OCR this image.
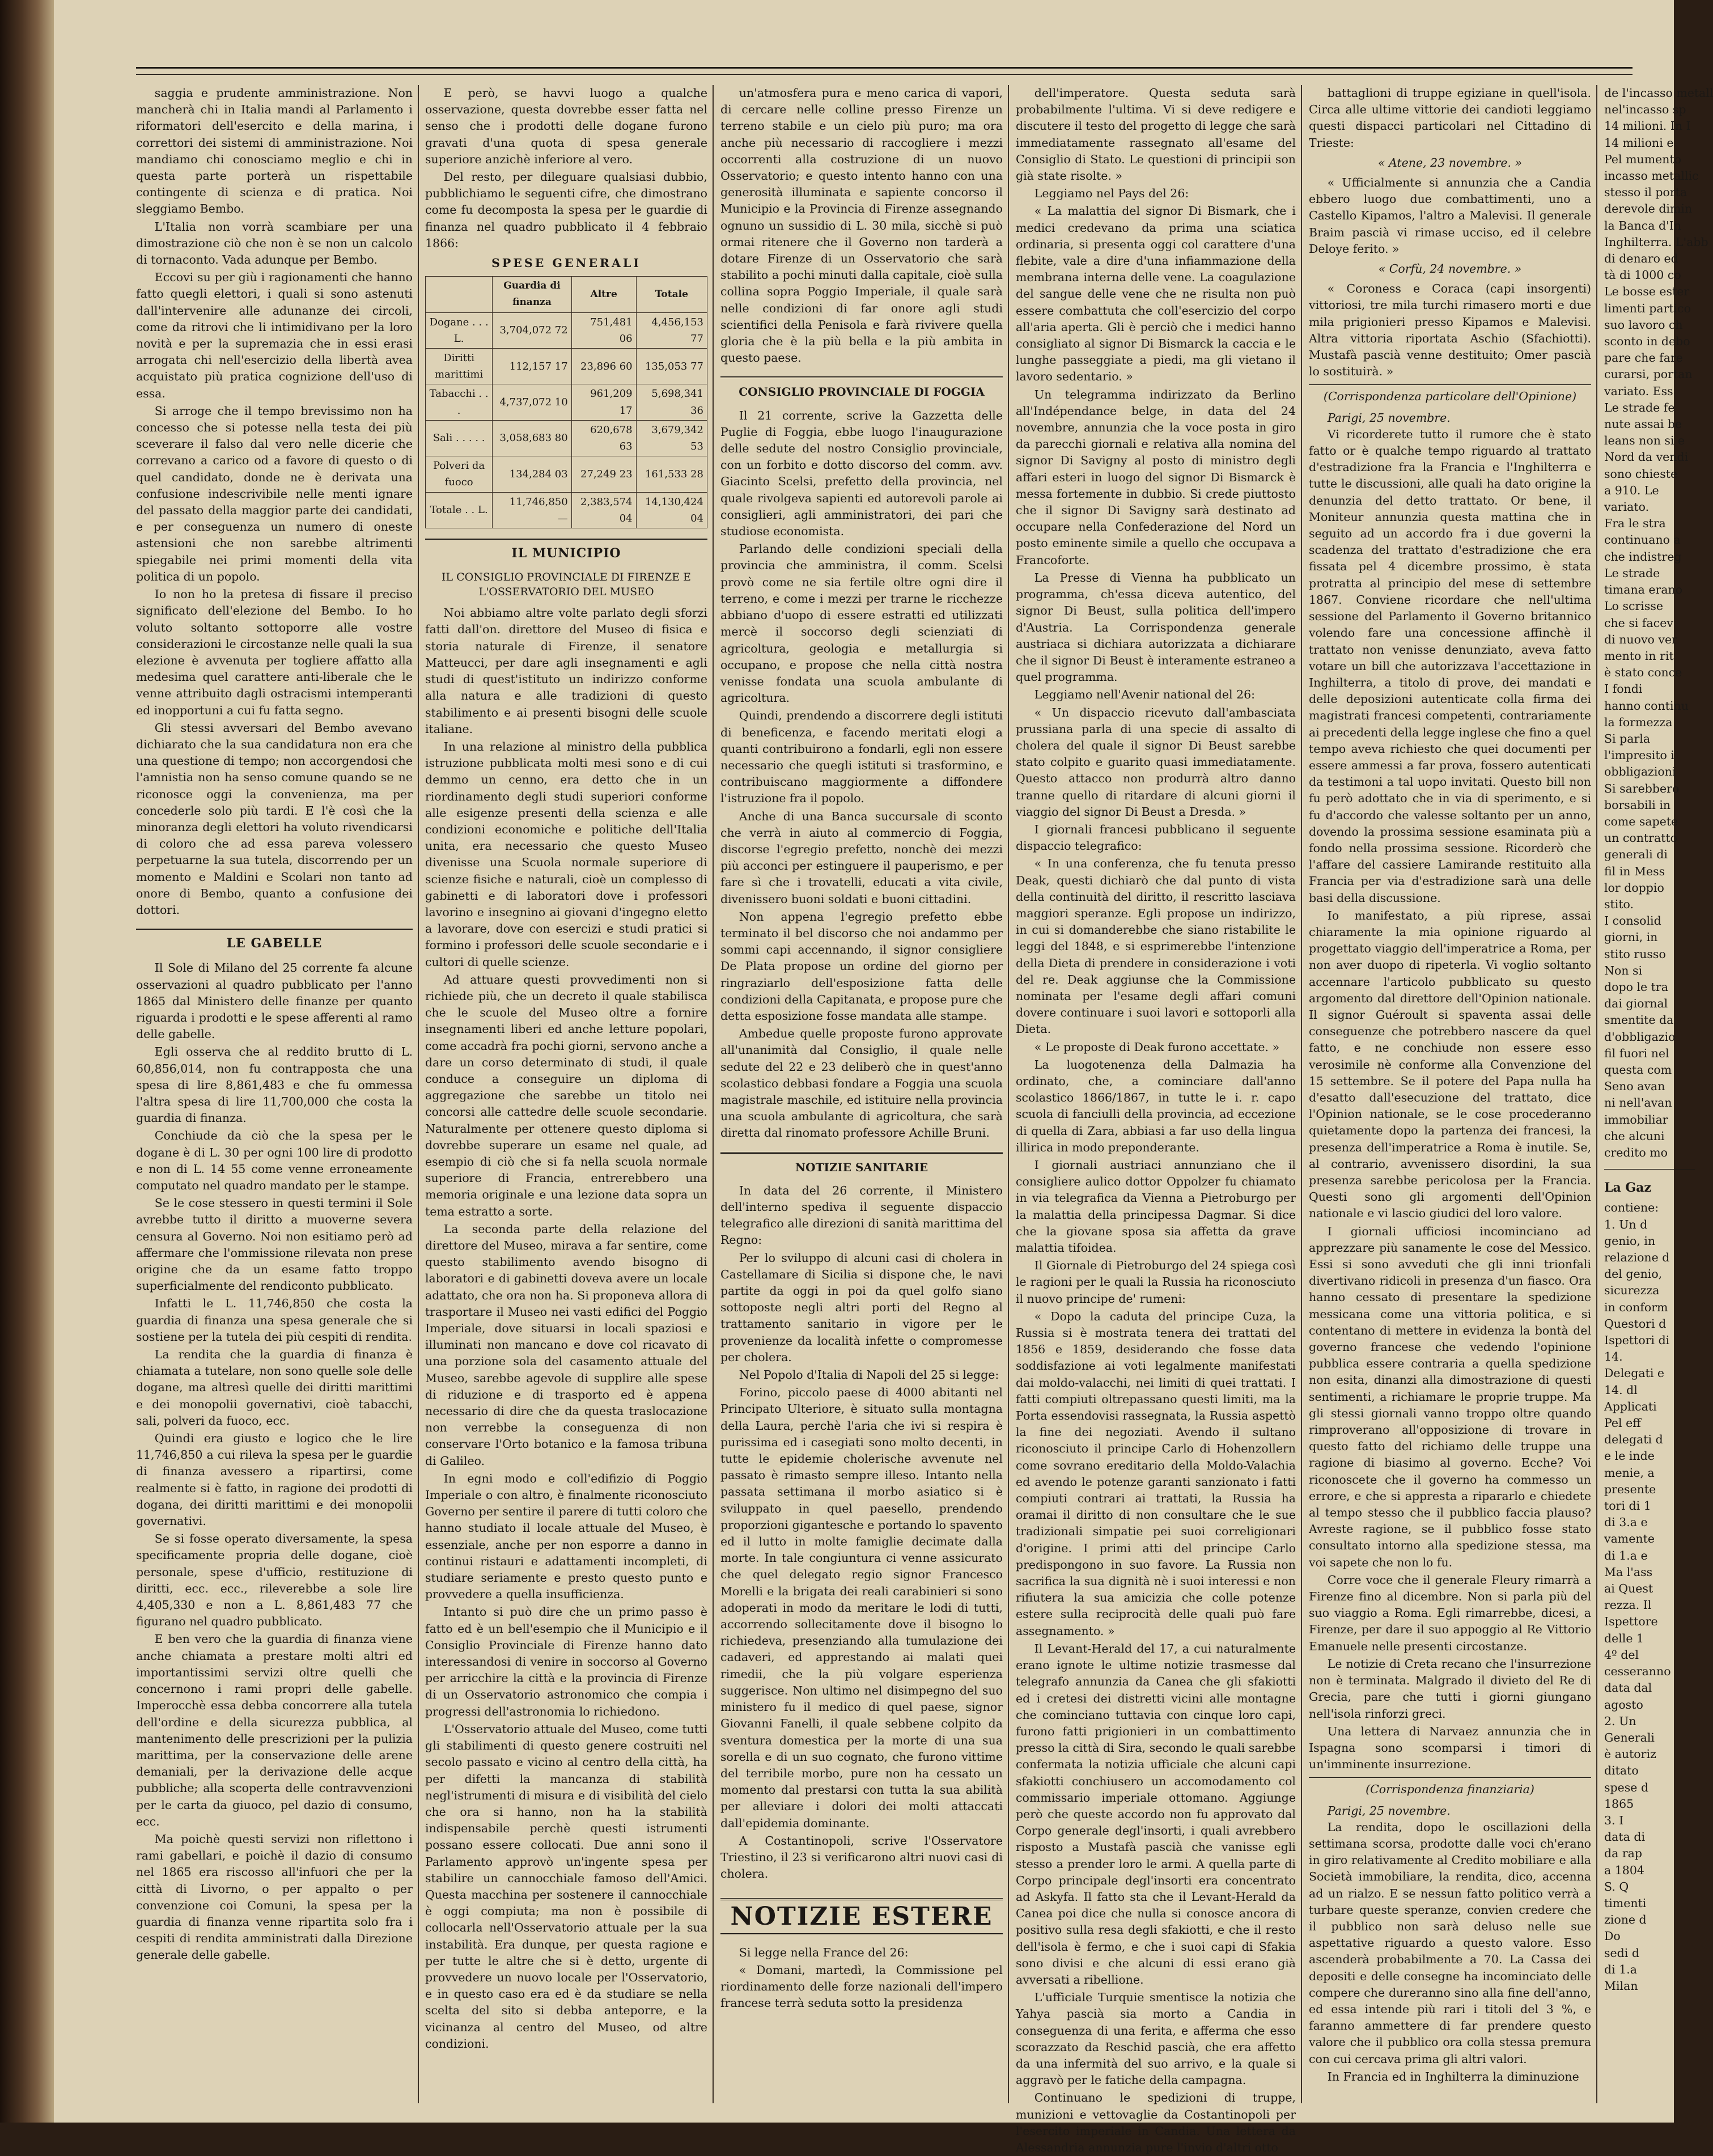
saggia e prudente amministrazione. Non mancherà chi in Italia mandi al Parlamento i riformatori dell'esercito e della marina, i correttori dei sistemi di amministrazione. Noi mandiamo chi conosciamo meglio e chi in questa parte porterà un rispettabile contingente di scienza e di pratica. Noi sleggiamo Bembo.

L'Italia non vorrà scambiare per una dimostrazione ciò che non è se non un calcolo di tornaconto. Vada adunque per Bembo.

Eccovi su per giù i ragionamenti che hanno fatto quegli elettori, i quali si sono astenuti dall'intervenire alle adunanze dei circoli, come da ritrovi che li intimidivano per la loro novità e per la supremazia che in essi erasi arrogata chi nell'esercizio della libertà avea acquistato più pratica cognizione dell'uso di essa.

Si arroge che il tempo brevissimo non ha concesso che si potesse nella testa dei più sceverare il falso dal vero nelle dicerie che correvano a carico od a favore di questo o di quel candidato, donde ne è derivata una confusione indescrivibile nelle menti ignare del passato della maggior parte dei candidati, e per conseguenza un numero di oneste astensioni che non sarebbe altrimenti spiegabile nei primi momenti della vita politica di un popolo.

Io non ho la pretesa di fissare il preciso significato dell'elezione del Bembo. Io ho voluto soltanto sottoporre alle vostre considerazioni le circostanze nelle quali la sua elezione è avvenuta per togliere affatto alla medesima quel carattere anti-liberale che le venne attribuito dagli ostracismi intemperanti ed inopportuni a cui fu fatta segno.

Gli stessi avversari del Bembo avevano dichiarato che la sua candidatura non era che una questione di tempo; non accorgendosi che l'amnistia non ha senso comune quando se ne riconosce oggi la convenienza, ma per concederle solo più tardi. E l'è così che la minoranza degli elettori ha voluto rivendicarsi di coloro che ad essa pareva volessero perpetuarne la sua tutela, discorrendo per un momento e Maldini e Scolari non tanto ad onore di Bembo, quanto a confusione dei dottori.

LE GABELLE

Il Sole di Milano del 25 corrente fa alcune osservazioni al quadro pubblicato per l'anno 1865 dal Ministero delle finanze per quanto riguarda i prodotti e le spese afferenti al ramo delle gabelle.

Egli osserva che al reddito brutto di L. 60,856,014, non fu contrapposta che una spesa di lire 8,861,483 e che fu ommessa l'altra spesa di lire 11,700,000 che costa la guardia di finanza.

Conchiude da ciò che la spesa per le dogane è di L. 30 per ogni 100 lire di prodotto e non di L. 14 55 come venne erroneamente computato nel quadro mandato per le stampe.

Se le cose stessero in questi termini il Sole avrebbe tutto il diritto a muoverne severa censura al Governo. Noi non esitiamo però ad affermare che l'ommissione rilevata non prese origine che da un esame fatto troppo superficialmente del rendiconto pubblicato.

Infatti le L. 11,746,850 che costa la guardia di finanza una spesa generale che si sostiene per la tutela dei più cespiti di rendita.

La rendita che la guardia di finanza è chiamata a tutelare, non sono quelle sole delle dogane, ma altresì quelle dei diritti marittimi e dei monopolii governativi, cioè tabacchi, sali, polveri da fuoco, ecc.

Quindi era giusto e logico che le lire 11,746,850 a cui rileva la spesa per le guardie di finanza avessero a ripartirsi, come realmente si è fatto, in ragione dei prodotti di dogana, dei diritti marittimi e dei monopolii governativi.

Se si fosse operato diversamente, la spesa specificamente propria delle dogane, cioè personale, spese d'ufficio, restituzione di diritti, ecc. ecc., rileverebbe a sole lire 4,405,330 e non a L. 8,861,483 77 che figurano nel quadro pubblicato.

E ben vero che la guardia di finanza viene anche chiamata a prestare molti altri ed importantissimi servizi oltre quelli che concernono i rami propri delle gabelle. Imperocchè essa debba concorrere alla tutela dell'ordine e della sicurezza pubblica, al mantenimento delle prescrizioni per la pulizia marittima, per la conservazione delle arene demaniali, per la derivazione delle acque pubbliche; alla scoperta delle contravvenzioni per le carta da giuoco, pel dazio di consumo, ecc.

Ma poichè questi servizi non riflettono i rami gabellari, e poichè il dazio di consumo nel 1865 era riscosso all'infuori che per la città di Livorno, o per appalto o per convenzione coi Comuni, la spesa per la guardia di finanza venne ripartita solo fra i cespiti di rendita amministrati dalla Direzione generale delle gabelle.

E però, se havvi luogo a qualche osservazione, questa dovrebbe esser fatta nel senso che i prodotti delle dogane furono gravati d'una quota di spesa generale superiore anzichè inferiore al vero.

Del resto, per dileguare qualsiasi dubbio, pubblichiamo le seguenti cifre, che dimostrano come fu decomposta la spesa per le guardie di finanza nel quadro pubblicato il 4 febbraio 1866:

SPESE GENERALI
	Guardia di finanza	Altre	Totale
Dogane . . . L.	3,704,072 72	751,481 06	4,456,153 77
Diritti marittimi	112,157 17	23,896 60	135,053 77
Tabacchi . . .	4,737,072 10	961,209 17	5,698,341 36
Sali . . . . .	3,058,683 80	620,678 63	3,679,342 53
Polveri da fuoco	134,284 03	27,249 23	161,533 28
Totale . . L.	11,746,850 —	2,383,574 04	14,130,424 04
IL MUNICIPIO
IL CONSIGLIO PROVINCIALE DI FIRENZE E L'OSSERVATORIO DEL MUSEO

Noi abbiamo altre volte parlato degli sforzi fatti dall'on. direttore del Museo di fisica e storia naturale di Firenze, il senatore Matteucci, per dare agli insegnamenti e agli studi di quest'istituto un indirizzo conforme alla natura e alle tradizioni di questo stabilimento e ai presenti bisogni delle scuole italiane.

In una relazione al ministro della pubblica istruzione pubblicata molti mesi sono e di cui demmo un cenno, era detto che in un riordinamento degli studi superiori conforme alle esigenze presenti della scienza e alle condizioni economiche e politiche dell'Italia unita, era necessario che questo Museo divenisse una Scuola normale superiore di scienze fisiche e naturali, cioè un complesso di gabinetti e di laboratori dove i professori lavorino e insegnino ai giovani d'ingegno eletto a lavorare, dove con esercizi e studi pratici si formino i professori delle scuole secondarie e i cultori di quelle scienze.

Ad attuare questi provvedimenti non si richiede più, che un decreto il quale stabilisca che le scuole del Museo oltre a fornire insegnamenti liberi ed anche letture popolari, come accadrà fra pochi giorni, servono anche a dare un corso determinato di studi, il quale conduce a conseguire un diploma di aggregazione che sarebbe un titolo nei concorsi alle cattedre delle scuole secondarie. Naturalmente per ottenere questo diploma si dovrebbe superare un esame nel quale, ad esempio di ciò che si fa nella scuola normale superiore di Francia, entrerebbero una memoria originale e una lezione data sopra un tema estratto a sorte.

La seconda parte della relazione del direttore del Museo, mirava a far sentire, come questo stabilimento avendo bisogno di laboratori e di gabinetti doveva avere un locale adattato, che ora non ha. Si proponeva allora di trasportare il Museo nei vasti edifici del Poggio Imperiale, dove situarsi in locali spaziosi e illuminati non mancano e dove col ricavato di una porzione sola del casamento attuale del Museo, sarebbe agevole di supplire alle spese di riduzione e di trasporto ed è appena necessario di dire che da questa traslocazione non verrebbe la conseguenza di non conservare l'Orto botanico e la famosa tribuna di Galileo.

In egni modo e coll'edifizio di Poggio Imperiale o con altro, è finalmente riconosciuto Governo per sentire il parere di tutti coloro che hanno studiato il locale attuale del Museo, è essenziale, anche per non esporre a danno in continui ristauri e adattamenti incompleti, di studiare seriamente e presto questo punto e provvedere a quella insufficienza.

Intanto si può dire che un primo passo è fatto ed è un bell'esempio che il Municipio e il Consiglio Provinciale di Firenze hanno dato interessandosi di venire in soccorso al Governo per arricchire la città e la provincia di Firenze di un Osservatorio astronomico che compia i progressi dell'astronomia lo richiedono.

L'Osservatorio attuale del Museo, come tutti gli stabilimenti di questo genere costruiti nel secolo passato e vicino al centro della città, ha per difetti la mancanza di stabilità negl'istrumenti di misura e di visibilità del cielo che ora si hanno, non ha la stabilità indispensabile perchè questi istrumenti possano essere collocati. Due anni sono il Parlamento approvò un'ingente spesa per stabilire un cannocchiale famoso dell'Amici. Questa macchina per sostenere il cannocchiale è oggi compiuta; ma non è possibile di collocarla nell'Osservatorio attuale per la sua instabilità. Era dunque, per questa ragione e per tutte le altre che si è detto, urgente di provvedere un nuovo locale per l'Osservatorio, e in questo caso era ed è da studiare se nella scelta del sito si debba anteporre, e la vicinanza al centro del Museo, od altre condizioni.

un'atmosfera pura e meno carica di vapori, di cercare nelle colline presso Firenze un terreno stabile e un cielo più puro; ma ora anche più necessario di raccogliere i mezzi occorrenti alla costruzione di un nuovo Osservatorio; e questo intento hanno con una generosità illuminata e sapiente concorso il Municipio e la Provincia di Firenze assegnando ognuno un sussidio di L. 30 mila, sicchè si può ormai ritenere che il Governo non tarderà a dotare Firenze di un Osservatorio che sarà stabilito a pochi minuti dalla capitale, cioè sulla collina sopra Poggio Imperiale, il quale sarà nelle condizioni di far onore agli studi scientifici della Penisola e farà rivivere quella gloria che è la più bella e la più ambita in questo paese.

CONSIGLIO PROVINCIALE DI FOGGIA

Il 21 corrente, scrive la Gazzetta delle Puglie di Foggia, ebbe luogo l'inaugurazione delle sedute del nostro Consiglio provinciale, con un forbito e dotto discorso del comm. avv. Giacinto Scelsi, prefetto della provincia, nel quale rivolgeva sapienti ed autorevoli parole ai consiglieri, agli amministratori, dei pari che studiose economista.

Parlando delle condizioni speciali della provincia che amministra, il comm. Scelsi provò come ne sia fertile oltre ogni dire il terreno, e come i mezzi per trarne le ricchezze abbiano d'uopo di essere estratti ed utilizzati mercè il soccorso degli scienziati di agricoltura, geologia e metallurgia si occupano, e propose che nella città nostra venisse fondata una scuola ambulante di agricoltura.

Quindi, prendendo a discorrere degli istituti di beneficenza, e facendo meritati elogi a quanti contribuirono a fondarli, egli non essere necessario che quegli istituti si trasformino, e contribuiscano maggiormente a diffondere l'istruzione fra il popolo.

Anche di una Banca succursale di sconto che verrà in aiuto al commercio di Foggia, discorse l'egregio prefetto, nonchè dei mezzi più acconci per estinguere il pauperismo, e per fare sì che i trovatelli, educati a vita civile, divenissero buoni soldati e buoni cittadini.

Non appena l'egregio prefetto ebbe terminato il bel discorso che noi andammo per sommi capi accennando, il signor consigliere De Plata propose un ordine del giorno per ringraziarlo dell'esposizione fatta delle condizioni della Capitanata, e propose pure che detta esposizione fosse mandata alle stampe.

Ambedue quelle proposte furono approvate all'unanimità dal Consiglio, il quale nelle sedute del 22 e 23 deliberò che in quest'anno scolastico debbasi fondare a Foggia una scuola magistrale maschile, ed istituire nella provincia una scuola ambulante di agricoltura, che sarà diretta dal rinomato professore Achille Bruni.

NOTIZIE SANITARIE

In data del 26 corrente, il Ministero dell'interno spediva il seguente dispaccio telegrafico alle direzioni di sanità marittima del Regno:

Per lo sviluppo di alcuni casi di cholera in Castellamare di Sicilia si dispone che, le navi partite da oggi in poi da quel golfo siano sottoposte negli altri porti del Regno al trattamento sanitario in vigore per le provenienze da località infette o compromesse per cholera.

Nel Popolo d'Italia di Napoli del 25 si legge:

Forino, piccolo paese di 4000 abitanti nel Principato Ulteriore, è situato sulla montagna della Laura, perchè l'aria che ivi si respira è purissima ed i casegiati sono molto decenti, in tutte le epidemie cholerische avvenute nel passato è rimasto sempre illeso. Intanto nella passata settimana il morbo asiatico si è sviluppato in quel paesello, prendendo proporzioni gigantesche e portando lo spavento ed il lutto in molte famiglie decimate dalla morte. In tale congiuntura ci venne assicurato che quel delegato regio signor Francesco Morelli e la brigata dei reali carabinieri si sono adoperati in modo da meritare le lodi di tutti, accorrendo sollecitamente dove il bisogno lo richiedeva, presenziando alla tumulazione dei cadaveri, ed apprestando ai malati quei rimedii, che la più volgare esperienza suggerisce. Non ultimo nel disimpegno del suo ministero fu il medico di quel paese, signor Giovanni Fanelli, il quale sebbene colpito da sventura domestica per la morte di una sua sorella e di un suo cognato, che furono vittime del terribile morbo, pure non ha cessato un momento dal prestarsi con tutta la sua abilità per alleviare i dolori dei molti attaccati dall'epidemia dominante.

A Costantinopoli, scrive l'Osservatore Triestino, il 23 si verificarono altri nuovi casi di cholera.

NOTIZIE ESTERE

Si legge nella France del 26:

« Domani, martedì, la Commissione pel riordinamento delle forze nazionali dell'impero francese terrà seduta sotto la presidenza

dell'imperatore. Questa seduta sarà probabilmente l'ultima. Vi si deve redigere e discutere il testo del progetto di legge che sarà immediatamente rassegnato all'esame del Consiglio di Stato. Le questioni di principii son già state risolte. »

Leggiamo nel Pays del 26:

« La malattia del signor Di Bismark, che i medici credevano da prima una sciatica ordinaria, si presenta oggi col carattere d'una flebite, vale a dire d'una infiammazione della membrana interna delle vene. La coagulazione del sangue delle vene che ne risulta non può essere combattuta che coll'esercizio del corpo all'aria aperta. Gli è perciò che i medici hanno consigliato al signor Di Bismarck la caccia e le lunghe passeggiate a piedi, ma gli vietano il lavoro sedentario. »

Un telegramma indirizzato da Berlino all'Indépendance belge, in data del 24 novembre, annunzia che la voce posta in giro da parecchi giornali e relativa alla nomina del signor Di Savigny al posto di ministro degli affari esteri in luogo del signor Di Bismarck è messa fortemente in dubbio. Si crede piuttosto che il signor Di Savigny sarà destinato ad occupare nella Confederazione del Nord un posto eminente simile a quello che occupava a Francoforte.

La Presse di Vienna ha pubblicato un programma, ch'essa diceva autentico, del signor Di Beust, sulla politica dell'impero d'Austria. La Corrispondenza generale austriaca si dichiara autorizzata a dichiarare che il signor Di Beust è interamente estraneo a quel programma.

Leggiamo nell'Avenir national del 26:

« Un dispaccio ricevuto dall'ambasciata prussiana parla di una specie di assalto di cholera del quale il signor Di Beust sarebbe stato colpito e guarito quasi immediatamente. Questo attacco non produrrà altro danno tranne quello di ritardare di alcuni giorni il viaggio del signor Di Beust a Dresda. »

I giornali francesi pubblicano il seguente dispaccio telegrafico:

« In una conferenza, che fu tenuta presso Deak, questi dichiarò che dal punto di vista della continuità del diritto, il rescritto lasciava maggiori speranze. Egli propose un indirizzo, in cui si domanderebbe che siano ristabilite le leggi del 1848, e si esprimerebbe l'intenzione della Dieta di prendere in considerazione i voti del re. Deak aggiunse che la Commissione nominata per l'esame degli affari comuni dovere continuare i suoi lavori e sottoporli alla Dieta.

« Le proposte di Deak furono accettate. »

La luogotenenza della Dalmazia ha ordinato, che, a cominciare dall'anno scolastico 1866/1867, in tutte le i. r. capo scuola di fanciulli della provincia, ad eccezione di quella di Zara, abbiasi a far uso della lingua illirica in modo preponderante.

I giornali austriaci annunziano che il consigliere aulico dottor Oppolzer fu chiamato in via telegrafica da Vienna a Pietroburgo per la malattia della principessa Dagmar. Si dice che la giovane sposa sia affetta da grave malattia tifoidea.

Il Giornale di Pietroburgo del 24 spiega così le ragioni per le quali la Russia ha riconosciuto il nuovo principe de' rumeni:

« Dopo la caduta del principe Cuza, la Russia si è mostrata tenera dei trattati del 1856 e 1859, desiderando che fosse data soddisfazione ai voti legalmente manifestati dai moldo-valacchi, nei limiti di quei trattati. I fatti compiuti oltrepassano questi limiti, ma la Porta essendovisi rassegnata, la Russia aspettò la fine dei negoziati. Avendo il sultano riconosciuto il principe Carlo di Hohenzollern come sovrano ereditario della Moldo-Valachia ed avendo le potenze garanti sanzionato i fatti compiuti contrari ai trattati, la Russia ha oramai il diritto di non consultare che le sue tradizionali simpatie pei suoi correligionari d'origine. I primi atti del principe Carlo predispongono in suo favore. La Russia non sacrifica la sua dignità nè i suoi interessi e non rifiutera la sua amicizia che colle potenze estere sulla reciprocità delle quali può fare assegnamento. »

Il Levant-Herald del 17, a cui naturalmente erano ignote le ultime notizie trasmesse dal telegrafo annunzia da Canea che gli sfakiotti ed i cretesi dei distretti vicini alle montagne che cominciano tuttavia con cinque loro capi, furono fatti prigionieri in un combattimento presso la città di Sira, secondo le quali sarebbe confermata la notizia ufficiale che alcuni capi sfakiotti conchiusero un accomodamento col commissario imperiale ottomano. Aggiunge però che queste accordo non fu approvato dal Corpo generale degl'insorti, i quali avrebbero risposto a Mustafà pascià che vanisse egli stesso a prender loro le armi. A quella parte di Corpo principale degl'insorti era concentrato ad Askyfa. Il fatto sta che il Levant-Herald da Canea poi dice che nulla si conosce ancora di positivo sulla resa degli sfakiotti, e che il resto dell'isola è fermo, e che i suoi capi di Sfakia sono divisi e che alcuni di essi erano già avversati a ribellione.

L'ufficiale Turquie smentisce la notizia che Yahya pascià sia morto a Candia in conseguenza di una ferita, e afferma che esso scorazzato da Reschid pascià, che era affetto da una infermità del suo arrivo, e la quale si aggravò per le fatiche della campagna.

Continuano le spedizioni di truppe, munizioni e vettovaglie da Costantinopoli per l'esercito imperiale in Candia. Una lettera da Alessandria annunzia pure l'invio d'altri otto

battaglioni di truppe egiziane in quell'isola. Circa alle ultime vittorie dei candioti leggiamo questi dispacci particolari nel Cittadino di Trieste:

« Atene, 23 novembre. »

« Ufficialmente si annunzia che a Candia ebbero luogo due combattimenti, uno a Castello Kipamos, l'altro a Malevisi. Il generale Braim pascià vi rimase ucciso, ed il celebre Deloye ferito. »

« Corfù, 24 novembre. »

« Coroness e Coraca (capi insorgenti) vittoriosi, tre mila turchi rimasero morti e due mila prigionieri presso Kipamos e Malevisi. Altra vittoria riportata Aschio (Sfachiotti). Mustafà pascià venne destituito; Omer pascià lo sostituirà. »

(Corrispondenza particolare dell'Opinione)
Parigi, 25 novembre.

Vi ricorderete tutto il rumore che è stato fatto or è qualche tempo riguardo al trattato d'estradizione fra la Francia e l'Inghilterra e tutte le discussioni, alle quali ha dato origine la denunzia del detto trattato. Or bene, il Moniteur annunzia questa mattina che in seguito ad un accordo fra i due governi la scadenza del trattato d'estradizione che era fissata pel 4 dicembre prossimo, è stata protratta al principio del mese di settembre 1867. Conviene ricordare che nell'ultima sessione del Parlamento il Governo britannico volendo fare una concessione affinchè il trattato non venisse denunziato, aveva fatto votare un bill che autorizzava l'accettazione in Inghilterra, a titolo di prove, dei mandati e delle deposizioni autenticate colla firma dei magistrati francesi competenti, contrariamente ai precedenti della legge inglese che fino a quel tempo aveva richiesto che quei documenti per essere ammessi a far prova, fossero autenticati da testimoni a tal uopo invitati. Questo bill non fu però adottato che in via di sperimento, e si fu d'accordo che valesse soltanto per un anno, dovendo la prossima sessione esaminata più a fondo nella prossima sessione. Ricorderò che l'affare del cassiere Lamirande restituito alla Francia per via d'estradizione sarà una delle basi della discussione.

Io manifestato, a più riprese, assai chiaramente la mia opinione riguardo al progettato viaggio dell'imperatrice a Roma, per non aver duopo di ripeterla. Vi voglio soltanto accennare l'articolo pubblicato su questo argomento dal direttore dell'Opinion nationale. Il signor Guéroult si spaventa assai delle conseguenze che potrebbero nascere da quel fatto, e ne conchiude non essere esso verosimile nè conforme alla Convenzione del 15 settembre. Se il potere del Papa nulla ha d'esatto dall'esecuzione del trattato, dice l'Opinion nationale, se le cose procederanno quietamente dopo la partenza dei francesi, la presenza dell'imperatrice a Roma è inutile. Se, al contrario, avvenissero disordini, la sua presenza sarebbe pericolosa per la Francia. Questi sono gli argomenti dell'Opinion nationale e vi lascio giudici del loro valore.

I giornali ufficiosi incominciano ad apprezzare più sanamente le cose del Messico. Essi si sono avveduti che gli inni trionfali divertivano ridicoli in presenza d'un fiasco. Ora hanno cessato di presentare la spedizione messicana come una vittoria politica, e si contentano di mettere in evidenza la bontà del governo francese che vedendo l'opinione pubblica essere contraria a quella spedizione non esita, dinanzi alla dimostrazione di questi sentimenti, a richiamare le proprie truppe. Ma gli stessi giornali vanno troppo oltre quando rimproverano all'opposizione di trovare in questo fatto del richiamo delle truppe una ragione di biasimo al governo. Ecche? Voi riconoscete che il governo ha commesso un errore, e che si appresta a ripararlo e chiedete al tempo stesso che il pubblico faccia plauso? Avreste ragione, se il pubblico fosse stato consultato intorno alla spedizione stessa, ma voi sapete che non lo fu.

Corre voce che il generale Fleury rimarrà a Firenze fino al dicembre. Non si parla più del suo viaggio a Roma. Egli rimarrebbe, dicesi, a Firenze, per dare il suo appoggio al Re Vittorio Emanuele nelle presenti circostanze.

Le notizie di Creta recano che l'insurrezione non è terminata. Malgrado il divieto del Re di Grecia, pare che tutti i giorni giungano nell'isola rinforzi greci.

Una lettera di Narvaez annunzia che in Ispagna sono scomparsi i timori di un'imminente insurrezione.

(Corrispondenza finanziaria)
Parigi, 25 novembre.

La rendita, dopo le oscillazioni della settimana scorsa, prodotte dalle voci ch'erano in giro relativamente al Credito mobiliare e alla Società immobiliare, la rendita, dico, accenna ad un rialzo. E se nessun fatto politico verrà a turbare queste speranze, convien credere che il pubblico non sarà deluso nelle sue aspettative riguardo a questo valore. Esso ascenderà probabilmente a 70. La Cassa dei depositi e delle consegne ha incominciato delle compere che dureranno sino alla fine dell'anno, ed essa intende più rari i titoli del 3 %, e faranno ammettere di far prendere questo valore che il pubblico ora colla stessa premura con cui cercava prima gli altri valori.

In Francia ed in Inghilterra la diminuzione

de l'incasso metall
nel'incasso sp
14 milioni. In I
14 milioni e
Pel mumento
incasso metallic
stesso il porta
derevole dimin
la Banca d'In
Inghilterra. L'abb
di denaro ed
tà di 1000 co
Le bosse ester
limenti partico
suo lavoro ch
sconto in debo
pare che fare
curarsi, portan
variato. Ess
Le strade fe
nute assai be
leans non si e
Nord da vendi
sono chieste
a 910. Le
variato.
Fra le stra
continuano a
che indistreg
Le strade
timana erano
Lo scrisse
che si facev
di nuovo ver
mento in rit
è stato conce
I fondi
hanno continu
la formezza
Si parla
l'impresito i
obbligazioni
Si sarebbero
borsabili in
come sapete
un contratto
generali di
fil in Mess
lor doppio
stito.
I consolid
giorni, in
stito russo
Non si
dopo le tra
dai giornal
smentite da
d'obbligazio
fil fuori nel
questa com
Seno avan
ni nell'avan
immobiliar
che alcuni
credito mo
La Gaz
contiene:
1. Un d
genio, in
relazione d
del genio,
sicurezza
in conform
Questori d
Ispettori di
14.
Delegati e
14. dl
Applicati
Pel eff
delegati d
e le inde
menie, a
presente
tori di 1
di 3.a e
vamente
di 1.a e
Ma l'ass
ai Quest
rezza. Il
Ispettore
delle 1
4º del
cesseranno
data dal
agosto
2. Un
Generali
è autoriz
ditato
spese d
1865
3. I
data di
da rap
a 1804
S. Q
timenti
zione d
Do
sedi d
di 1.a
Milan
